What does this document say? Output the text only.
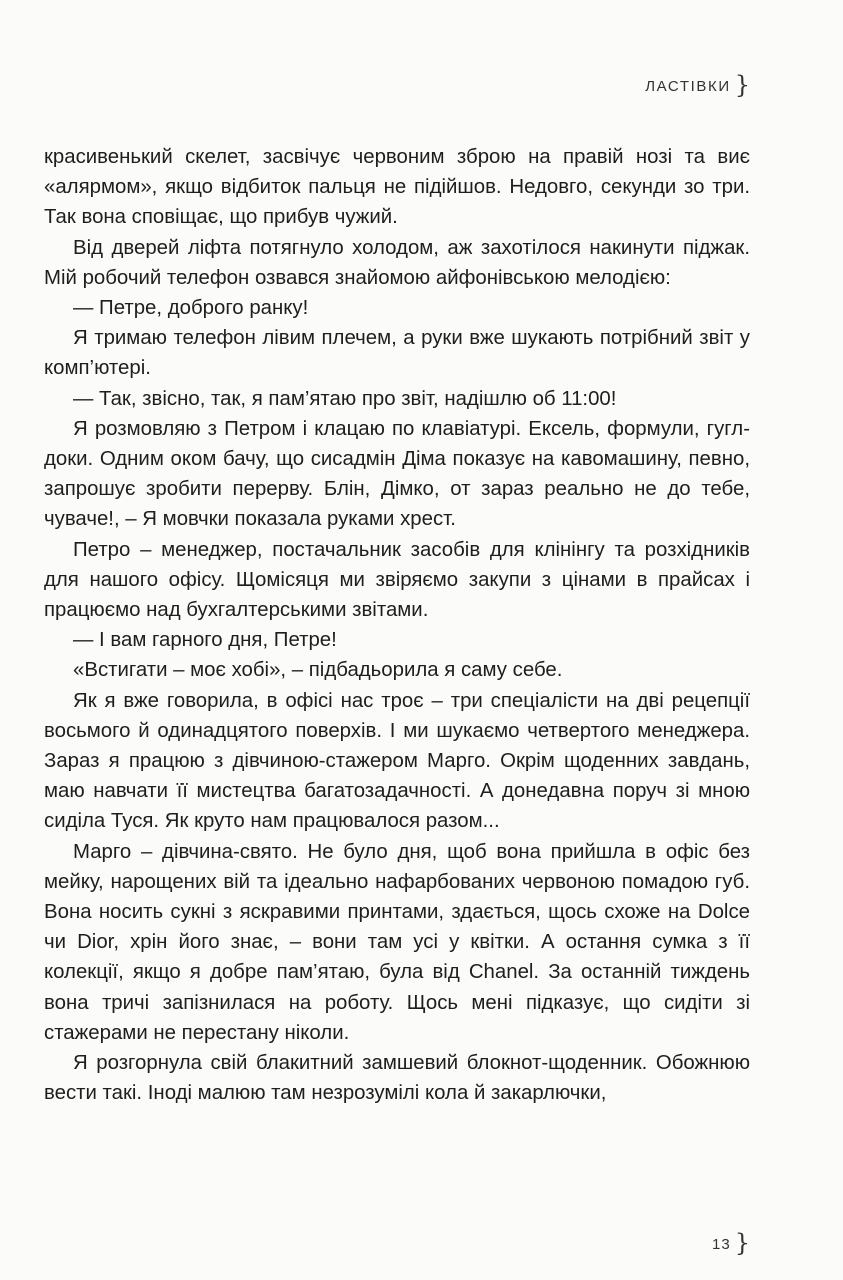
ЛАСТІВКИ }

красивенький скелет, засвічує червоним зброю на правій нозі та виє «алярмом», якщо відбиток пальця не підійшов. Недовго, секунди зо три. Так вона сповіщає, що прибув чужий.

Від дверей ліфта потягнуло холодом, аж захотілося накинути піджак. Мій робочий телефон озвався знайомою айфонівською мелодією:

— Петре, доброго ранку!

Я тримаю телефон лівим плечем, а руки вже шукають потрібний звіт у комп’ютері.

— Так, звісно, так, я пам’ятаю про звіт, надішлю об 11:00!

Я розмовляю з Петром і клацаю по клавіатурі. Ексель, формули, гугл-доки. Одним оком бачу, що сисадмін Діма показує на кавомашину, певно, запрошує зробити перерву. Блін, Дімко, от зараз реально не до тебе, чуваче!, – Я мовчки показала руками хрест.

Петро – менеджер, постачальник засобів для клінінгу та розхідників для нашого офісу. Щомісяця ми звіряємо закупи з цінами в прайсах і працюємо над бухгалтерськими звітами.

— І вам гарного дня, Петре!

«Встигати – моє хобі», – підбадьорила я саму себе.

Як я вже говорила, в офісі нас троє – три спеціалісти на дві рецепції восьмого й одинадцятого поверхів. І ми шукаємо четвертого менеджера. Зараз я працюю з дівчиною-стажером Марго. Окрім щоденних завдань, маю навчати її мистецтва багатозадачності. А донедавна поруч зі мною сиділа Туся. Як круто нам працювалося разом...

Марго – дівчина-свято. Не було дня, щоб вона прийшла в офіс без мейку, нарощених вій та ідеально нафарбованих червоною помадою губ. Вона носить сукні з яскравими принтами, здається, щось схоже на Dolce чи Dior, хрін його знає, – вони там усі у квітки. А остання сумка з її колекції, якщо я добре пам’ятаю, була від Chanel. За останній тиждень вона тричі запізнилася на роботу. Щось мені підказує, що сидіти зі стажерами не перестану ніколи.

Я розгорнула свій блакитний замшевий блокнот-щоденник. Обожнюю вести такі. Іноді малюю там незрозумілі кола й закарлючки,

13 }
